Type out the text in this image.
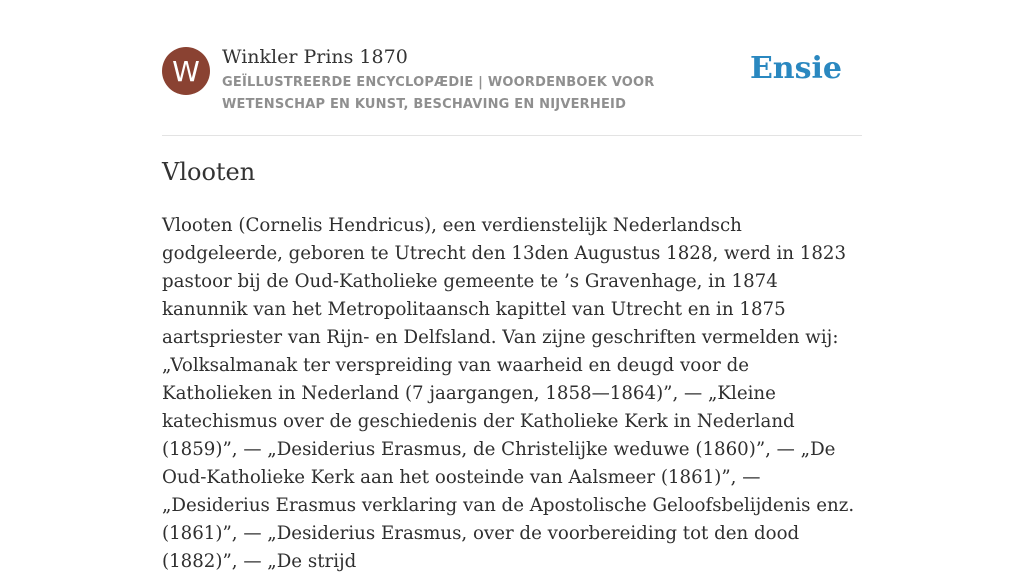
W Winkler Prins 1870
GEÏLLUSTREERDE ENCYCLOPÆDIE | WOORDENBOEK VOOR WETENSCHAP EN KUNST, BESCHAVING EN NIJVERHEID
Ensie
Vlooten

Vlooten (Cornelis Hendricus), een verdienstelijk Nederlandsch godgeleerde, geboren te Utrecht den 13den Augustus 1828, werd in 1823 pastoor bij de Oud-Katholieke gemeente te ’s Gravenhage, in 1874 kanunnik van het Metropolitaansch kapittel van Utrecht en in 1875 aartspriester van Rijn- en Delfsland. Van zijne geschriften vermelden wij: „Volksalmanak ter verspreiding van waarheid en deugd voor de Katholieken in Nederland (7 jaargangen, 1858—1864)”, — „Kleine katechismus over de geschiedenis der Katholieke Kerk in Nederland (1859)”, — „Desiderius Erasmus, de Christelijke weduwe (1860)”, — „De Oud-Katholieke Kerk aan het oosteinde van Aalsmeer (1861)”, — „Desiderius Erasmus verklaring van de Apostolische Geloofsbelijdenis enz. (1861)”, — „Desiderius Erasmus, over de voorbereiding tot den dood (1882)”, — „De strijd
